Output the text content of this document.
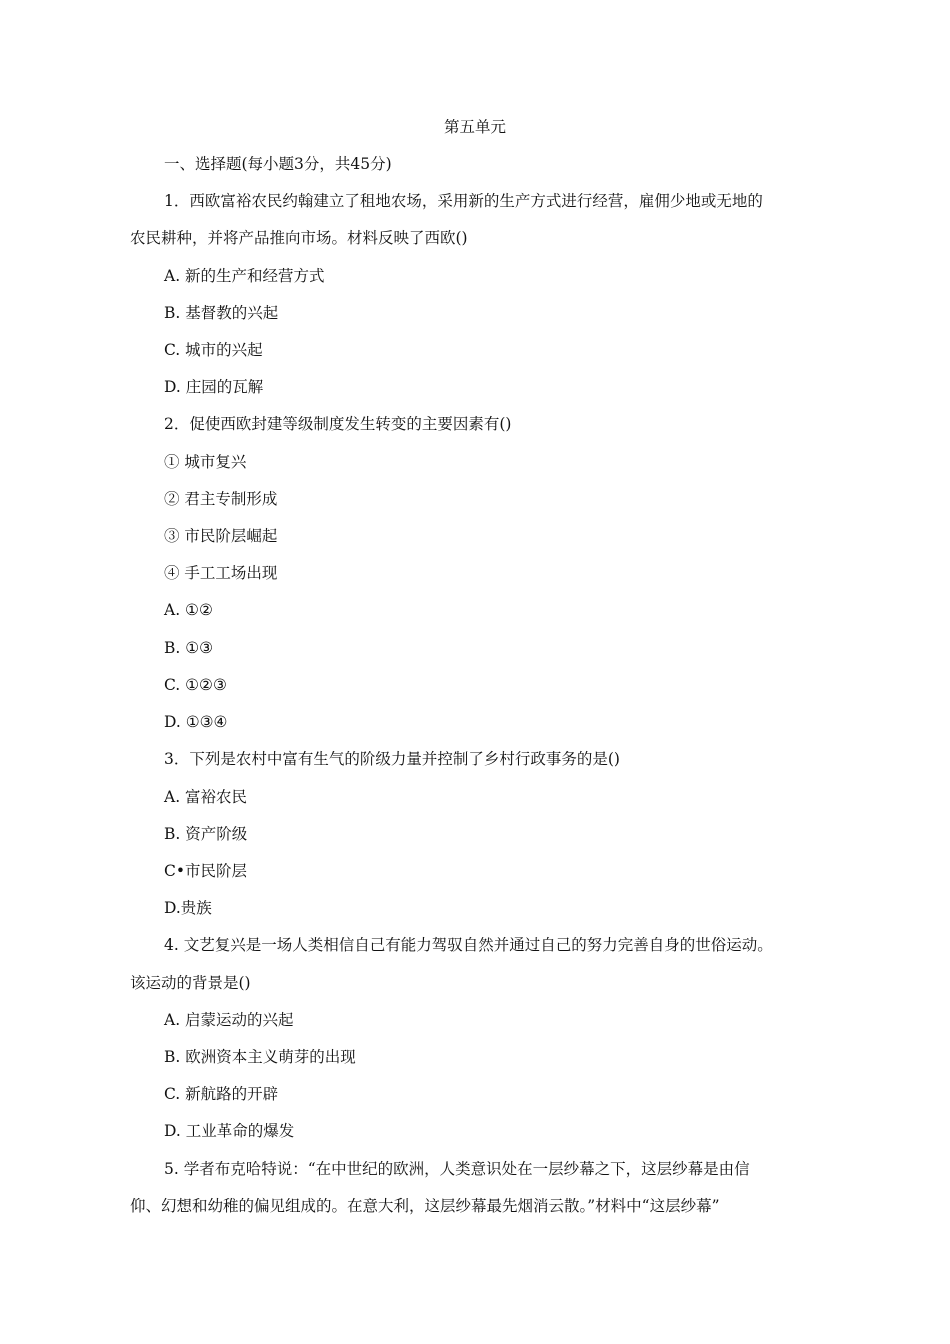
第五单元
一、选择题(每小题3分，共45分)
1．西欧富裕农民约翰建立了租地农场，采用新的生产方式进行经营，雇佣少地或无地的
农民耕种，并将产品推向市场。材料反映了西欧()
A. 新的生产和经营方式
B. 基督教的兴起
C. 城市的兴起
D. 庄园的瓦解
2．促使西欧封建等级制度发生转变的主要因素有()
① 城市复兴
② 君主专制形成
③ 市民阶层崛起
④ 手工工场出现
A. ①②
B. ①③
C. ①②③
D. ①③④
3．下列是农村中富有生气的阶级力量并控制了乡村行政事务的是()
A. 富裕农民
B. 资产阶级
C•市民阶层
D.贵族
4. 文艺复兴是一场人类相信自己有能力驾驭自然并通过自己的努力完善自身的世俗运动。
该运动的背景是()
A. 启蒙运动的兴起
B. 欧洲资本主义萌芽的出现
C. 新航路的开辟
D. 工业革命的爆发
5. 学者布克哈特说：“在中世纪的欧洲，人类意识处在一层纱幕之下，这层纱幕是由信
仰、幻想和幼稚的偏见组成的。在意大利，这层纱幕最先烟消云散。”材料中“这层纱幕”
